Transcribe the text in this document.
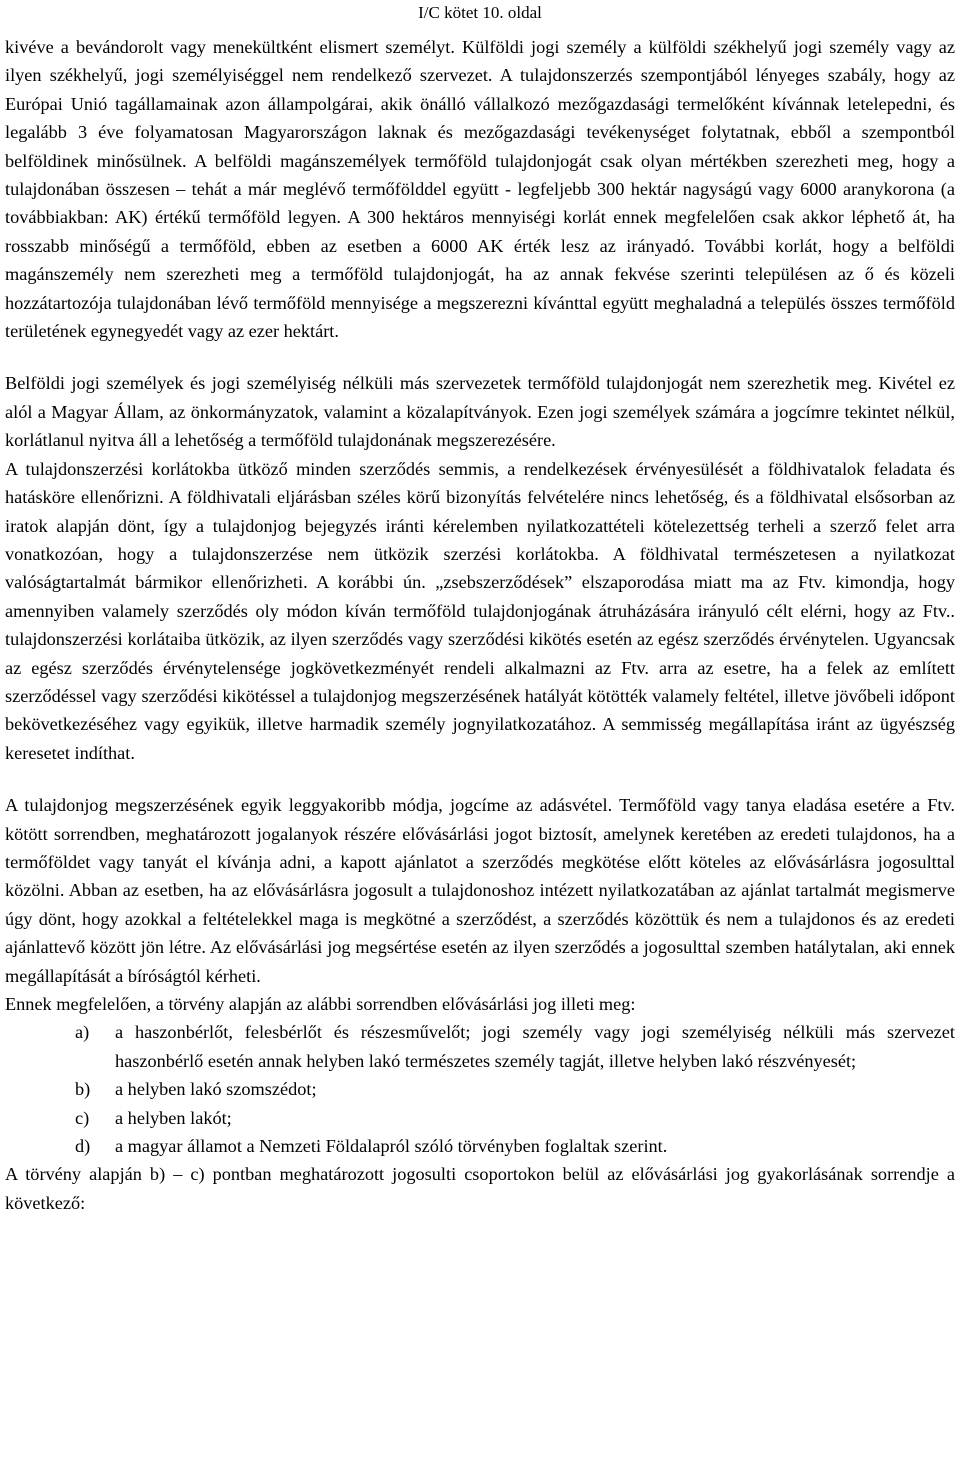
I/C kötet 10. oldal

kivéve a bevándorolt vagy menekültként elismert személyt. Külföldi jogi személy a külföldi székhelyű jogi személy vagy az ilyen székhelyű, jogi személyiséggel nem rendelkező szervezet. A tulajdonszerzés szempontjából lényeges szabály, hogy az Európai Unió tagállamainak azon állampolgárai, akik önálló vállalkozó mezőgazdasági termelőként kívánnak letelepedni, és legalább 3 éve folyamatosan Magyarországon laknak és mezőgazdasági tevékenységet folytatnak, ebből a szempontból belföldinek minősülnek. A belföldi magánszemélyek termőföld tulajdonjogát csak olyan mértékben szerezheti meg, hogy a tulajdonában összesen – tehát a már meglévő termőfölddel együtt - legfeljebb 300 hektár nagyságú vagy 6000 aranykorona (a továbbiakban: AK) értékű termőföld legyen. A 300 hektáros mennyiségi korlát ennek megfelelően csak akkor léphető át, ha rosszabb minőségű a termőföld, ebben az esetben a 6000 AK érték lesz az irányadó. További korlát, hogy a belföldi magánszemély nem szerezheti meg a termőföld tulajdonjogát, ha az annak fekvése szerinti településen az ő és közeli hozzátartozója tulajdonában lévő termőföld mennyisége a megszerezni kívánttal együtt meghaladná a település összes termőföld területének egynegyedét vagy az ezer hektárt.

Belföldi jogi személyek és jogi személyiség nélküli más szervezetek termőföld tulajdonjogát nem szerezhetik meg. Kivétel ez alól a Magyar Állam, az önkormányzatok, valamint a közalapítványok. Ezen jogi személyek számára a jogcímre tekintet nélkül, korlátlanul nyitva áll a lehetőség a termőföld tulajdonának megszerezésére.

A tulajdonszerzési korlátokba ütköző minden szerződés semmis, a rendelkezések érvényesülését a földhivatalok feladata és hatásköre ellenőrizni. A földhivatali eljárásban széles körű bizonyítás felvételére nincs lehetőség, és a földhivatal elsősorban az iratok alapján dönt, így a tulajdonjog bejegyzés iránti kérelemben nyilatkozattételi kötelezettség terheli a szerző felet arra vonatkozóan, hogy a tulajdonszerzése nem ütközik szerzési korlátokba. A földhivatal természetesen a nyilatkozat valóságtartalmát bármikor ellenőrizheti. A korábbi ún. „zsebszerződések” elszaporodása miatt ma az Ftv. kimondja, hogy amennyiben valamely szerződés oly módon kíván termőföld tulajdonjogának átruházására irányuló célt elérni, hogy az Ftv.. tulajdonszerzési korlátaiba ütközik, az ilyen szerződés vagy szerződési kikötés esetén az egész szerződés érvénytelen. Ugyancsak az egész szerződés érvénytelensége jogkövetkezményét rendeli alkalmazni az Ftv. arra az esetre, ha a felek az említett szerződéssel vagy szerződési kikötéssel a tulajdonjog megszerzésének hatályát kötötték valamely feltétel, illetve jövőbeli időpont bekövetkezéséhez vagy egyikük, illetve harmadik személy jognyilatkozatához. A semmisség megállapítása iránt az ügyészség keresetet indíthat.

A tulajdonjog megszerzésének egyik leggyakoribb módja, jogcíme az adásvétel. Termőföld vagy tanya eladása esetére a Ftv. kötött sorrendben, meghatározott jogalanyok részére elővásárlási jogot biztosít, amelynek keretében az eredeti tulajdonos, ha a termőföldet vagy tanyát el kívánja adni, a kapott ajánlatot a szerződés megkötése előtt köteles az elővásárlásra jogosulttal közölni. Abban az esetben, ha az elővásárlásra jogosult a tulajdonoshoz intézett nyilatkozatában az ajánlat tartalmát megismerve úgy dönt, hogy azokkal a feltételekkel maga is megkötné a szerződést, a szerződés közöttük és nem a tulajdonos és az eredeti ajánlattevő között jön létre. Az elővásárlási jog megsértése esetén az ilyen szerződés a jogosulttal szemben hatálytalan, aki ennek megállapítását a bíróságtól kérheti.

Ennek megfelelően, a törvény alapján az alábbi sorrendben elővásárlási jog illeti meg:

a)	a haszonbérlőt, felesbérlőt és részesművelőt; jogi személy vagy jogi személyiség nélküli más szervezet haszonbérlő esetén annak helyben lakó természetes személy tagját, illetve helyben lakó részvényesét;
b)	a helyben lakó szomszédot;
c)	a helyben lakót;
d)	a magyar államot a Nemzeti Földalapról szóló törvényben foglaltak szerint.

A törvény alapján b) – c) pontban meghatározott jogosulti csoportokon belül az elővásárlási jog gyakorlásának sorrendje a következő:
